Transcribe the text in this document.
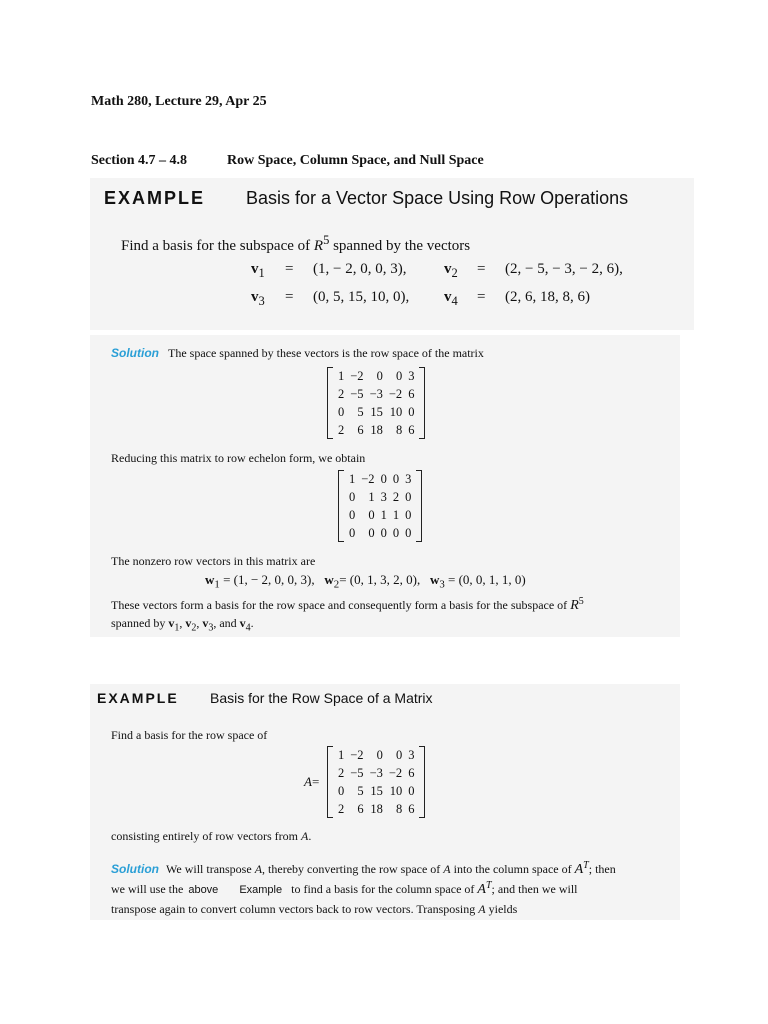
Math 280, Lecture 29, Apr 25
Section 4.7 – 4.8	Row Space, Column Space, and Null Space
EXAMPLE Basis for a Vector Space Using Row Operations
Find a basis for the subspace of $R^5$ spanned by the vectors
$v_1 = (1$, − 2, 0, 0, 3),	$v_2 = (2$, − 5, − 3, − 2, 6),
$v_3 = (0$, 5, 15, 10, 0), $v_4 = (2$, 6, 18, 8, 6)
Solution The space spanned by these vectors is the row space of the matrix
1	−2	0	0	3
2	−5	−3	−2	6
0	5	15	10	0
2	6	18	8	6
Reducing this matrix to row echelon form, we obtain
1	−2	0	0	3
0	1	3	2	0
0	0	1	1	0
0	0	0	0	0
The nonzero row vectors in this matrix are
$w_1 = (1$, − 2, 0, 0, 3), $w_2= (0$, 1, 3, 2, 0), $w_3 = (0$, 0, 1, 1, 0)
These vectors form a basis for the row space and consequently form a basis for the subspace of $R^5$
spanned by $v_1$, $v_2$, $v_3$, and $v_4$.
EXAMPLE Basis for the Row Space of a Matrix
Find a basis for the row space of
A=
1	−2	0	0	3
2	−5	−3	−2	6
0	5	15	10	0
2	6	18	8	6
consisting entirely of row vectors from A.
Solution We will transpose A, thereby converting the row space of A into the column space of $A^T$; then
we will use the above Example to find a basis for the column space of $A^T$; and then we will
transpose again to convert column vectors back to row vectors. Transposing A yields
